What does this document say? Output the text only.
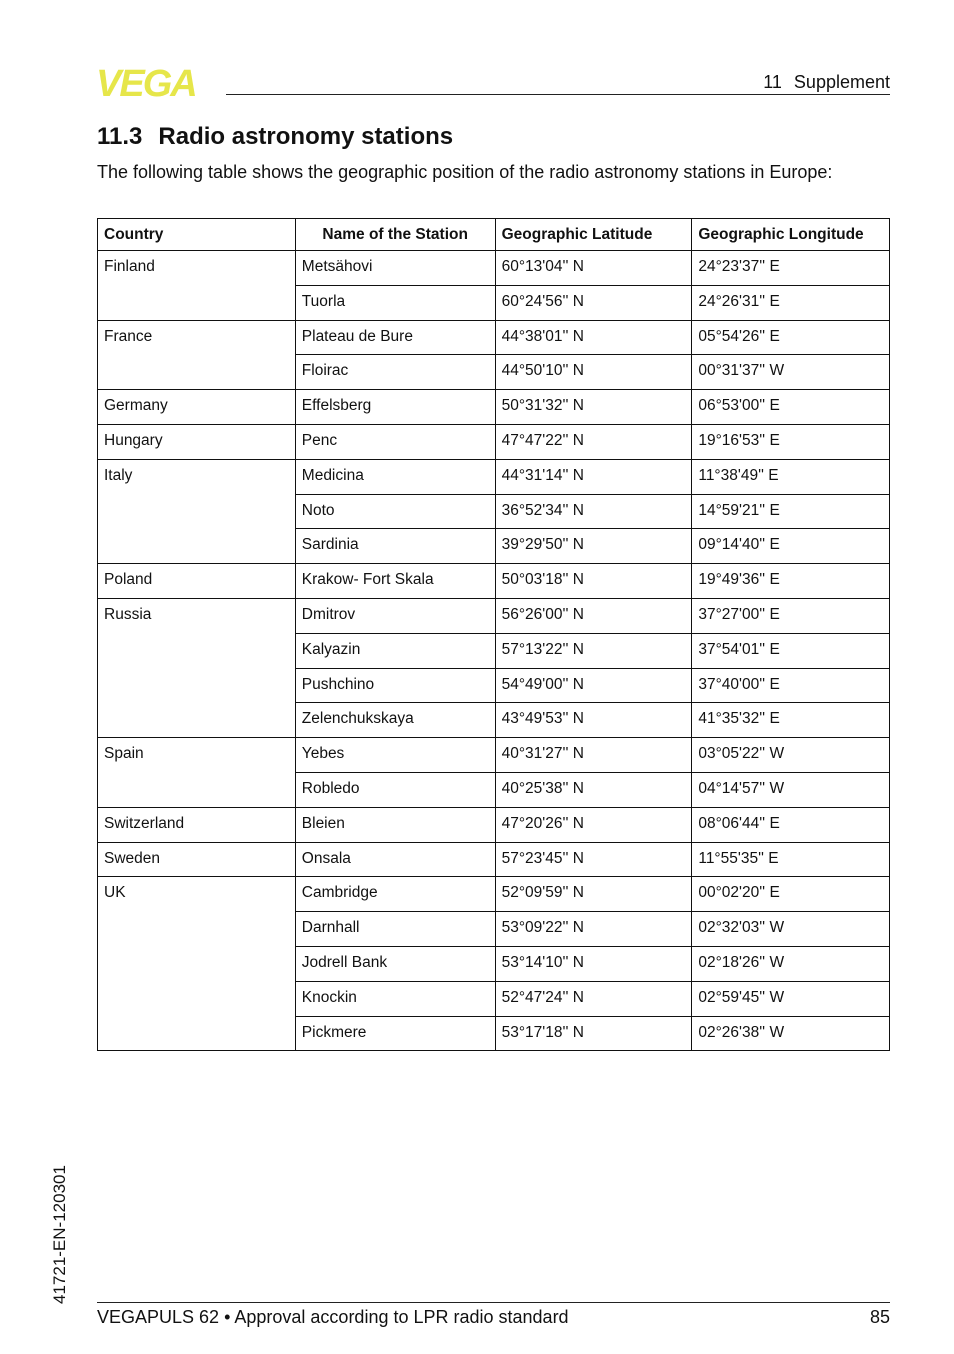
VEGA	11 Supplement
11.3 Radio astronomy stations

The following table shows the geographic position of the radio astronomy stations in Europe:

Country	Name of the Station	Geographic Latitude	Geographic Longitude
Finland	Metsähovi	60°13'04'' N	24°23'37'' E
	Tuorla	60°24'56'' N	24°26'31'' E
France	Plateau de Bure	44°38'01'' N	05°54'26'' E
	Floirac	44°50'10'' N	00°31'37'' W
Germany	Effelsberg	50°31'32'' N	06°53'00'' E
Hungary	Penc	47°47'22'' N	19°16'53'' E
Italy	Medicina	44°31'14'' N	11°38'49'' E
	Noto	36°52'34'' N	14°59'21'' E
	Sardinia	39°29'50'' N	09°14'40'' E
Poland	Krakow- Fort Skala	50°03'18'' N	19°49'36'' E
Russia	Dmitrov	56°26'00'' N	37°27'00'' E
	Kalyazin	57°13'22'' N	37°54'01'' E
	Pushchino	54°49'00'' N	37°40'00'' E
	Zelenchukskaya	43°49'53'' N	41°35'32'' E
Spain	Yebes	40°31'27'' N	03°05'22'' W
	Robledo	40°25'38'' N	04°14'57'' W
Switzerland	Bleien	47°20'26'' N	08°06'44'' E
Sweden	Onsala	57°23'45'' N	11°55'35'' E
UK	Cambridge	52°09'59'' N	00°02'20'' E
	Darnhall	53°09'22'' N	02°32'03'' W
	Jodrell Bank	53°14'10'' N	02°18'26'' W
	Knockin	52°47'24'' N	02°59'45'' W
	Pickmere	53°17'18'' N	02°26'38'' W
41721-EN-120301
VEGAPULS 62 • Approval according to LPR radio standard	85
